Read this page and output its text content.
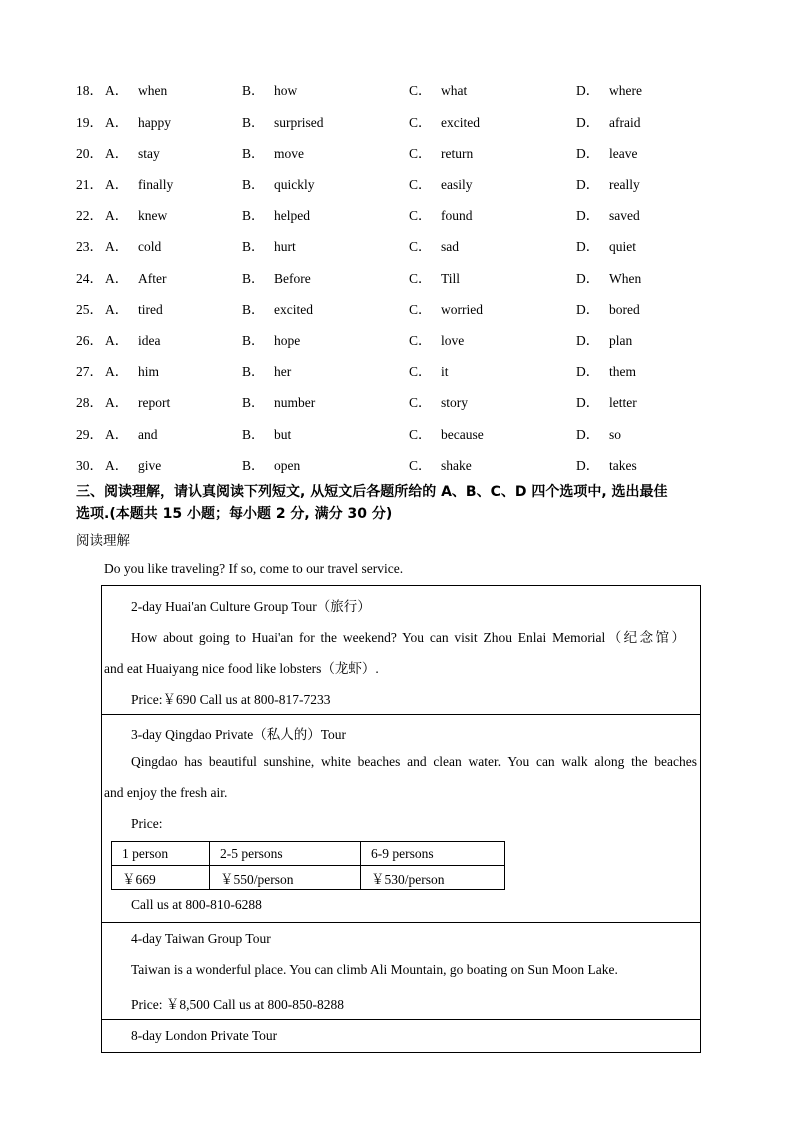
18． A． when	B． how	C． what	D． where
19． A． happy	B． surprised	C． excited	D． afraid
20． A． stay	B． move	C． return	D． leave
21． A． finally	B． quickly	C． easily	D． really
22． A． knew	B． helped	C． found	D． saved
23． A． cold	B． hurt	C． sad	D． quiet
24． A． After	B． Before	C． Till	D． When
25． A． tired	B． excited	C． worried	D． bored
26． A． idea	B． hope	C． love	D． plan
27． A． him	B． her	C． it	D． them
28． A． report	B． number	C． story	D． letter
29． A． and	B． but	C． because	D． so
30． A． give	B． open	C． shake	D． takes
三、阅读理解，请认真阅读下列短文, 从短文后各题所给的 A、B、C、D 四个选项中, 选出最佳
选项.(本题共 15 小题；每小题 2 分, 满分 30 分)
阅读理解
Do you like traveling? If so, come to our travel service.
2-day Huai'an Culture Group Tour（旅行）
How about going to Huai'an for the weekend? You can visit Zhou Enlai Memorial（纪念馆）
and eat Huaiyang nice food like lobsters（龙虾）.
Price:￥690 Call us at 800-817-7233
3-day Qingdao Private（私人的）Tour
Qingdao has beautiful sunshine, white beaches and clean water. You can walk along the beaches
and enjoy the fresh air.
Price:
1 person	2-5 persons	6-9 persons
￥669	￥550/person	￥530/person
Call us at 800-810-6288
4-day Taiwan Group Tour
Taiwan is a wonderful place. You can climb Ali Mountain, go boating on Sun Moon Lake.
Price: ￥8,500 Call us at 800-850-8288
8-day London Private Tour
